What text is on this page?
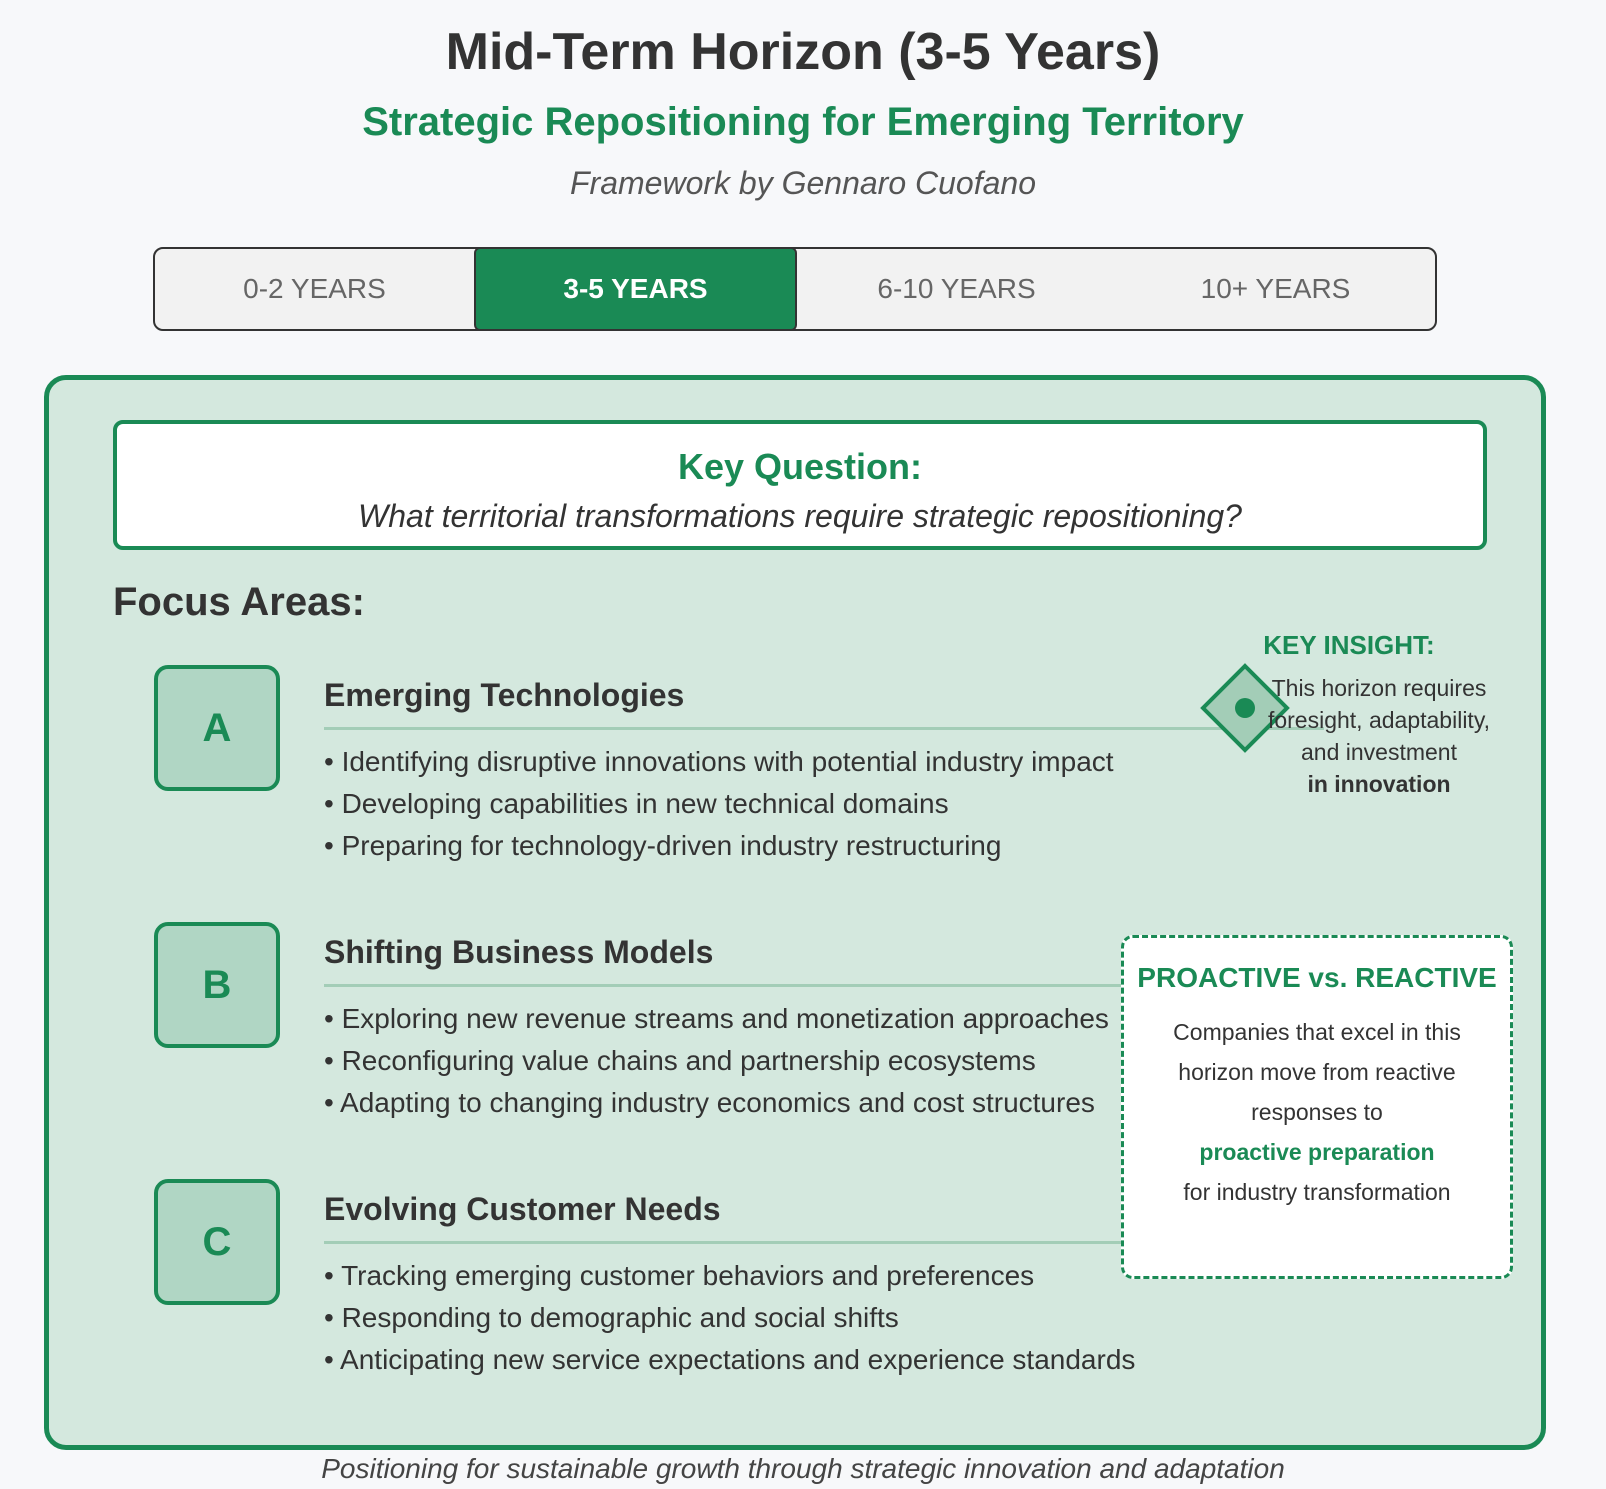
Mid-Term Horizon (3-5 Years)
Strategic Repositioning for Emerging Territory
Framework by Gennaro Cuofano
0-2 YEARS	3-5 YEARS	6-10 YEARS	10+ YEARS
Key Question:
What territorial transformations require strategic repositioning?
Focus Areas:
A
Emerging Technologies
• Identifying disruptive innovations with potential industry impact
• Developing capabilities in new technical domains
• Preparing for technology-driven industry restructuring
B
Shifting Business Models
• Exploring new revenue streams and monetization approaches
• Reconfiguring value chains and partnership ecosystems
• Adapting to changing industry economics and cost structures
C
Evolving Customer Needs
• Tracking emerging customer behaviors and preferences
• Responding to demographic and social shifts
• Anticipating new service expectations and experience standards
KEY INSIGHT:
This horizon requires foresight, adaptability, and investment
in innovation
PROACTIVE vs. REACTIVE
Companies that excel in this horizon move from reactive responses to
proactive preparation
for industry transformation
Positioning for sustainable growth through strategic innovation and adaptation
